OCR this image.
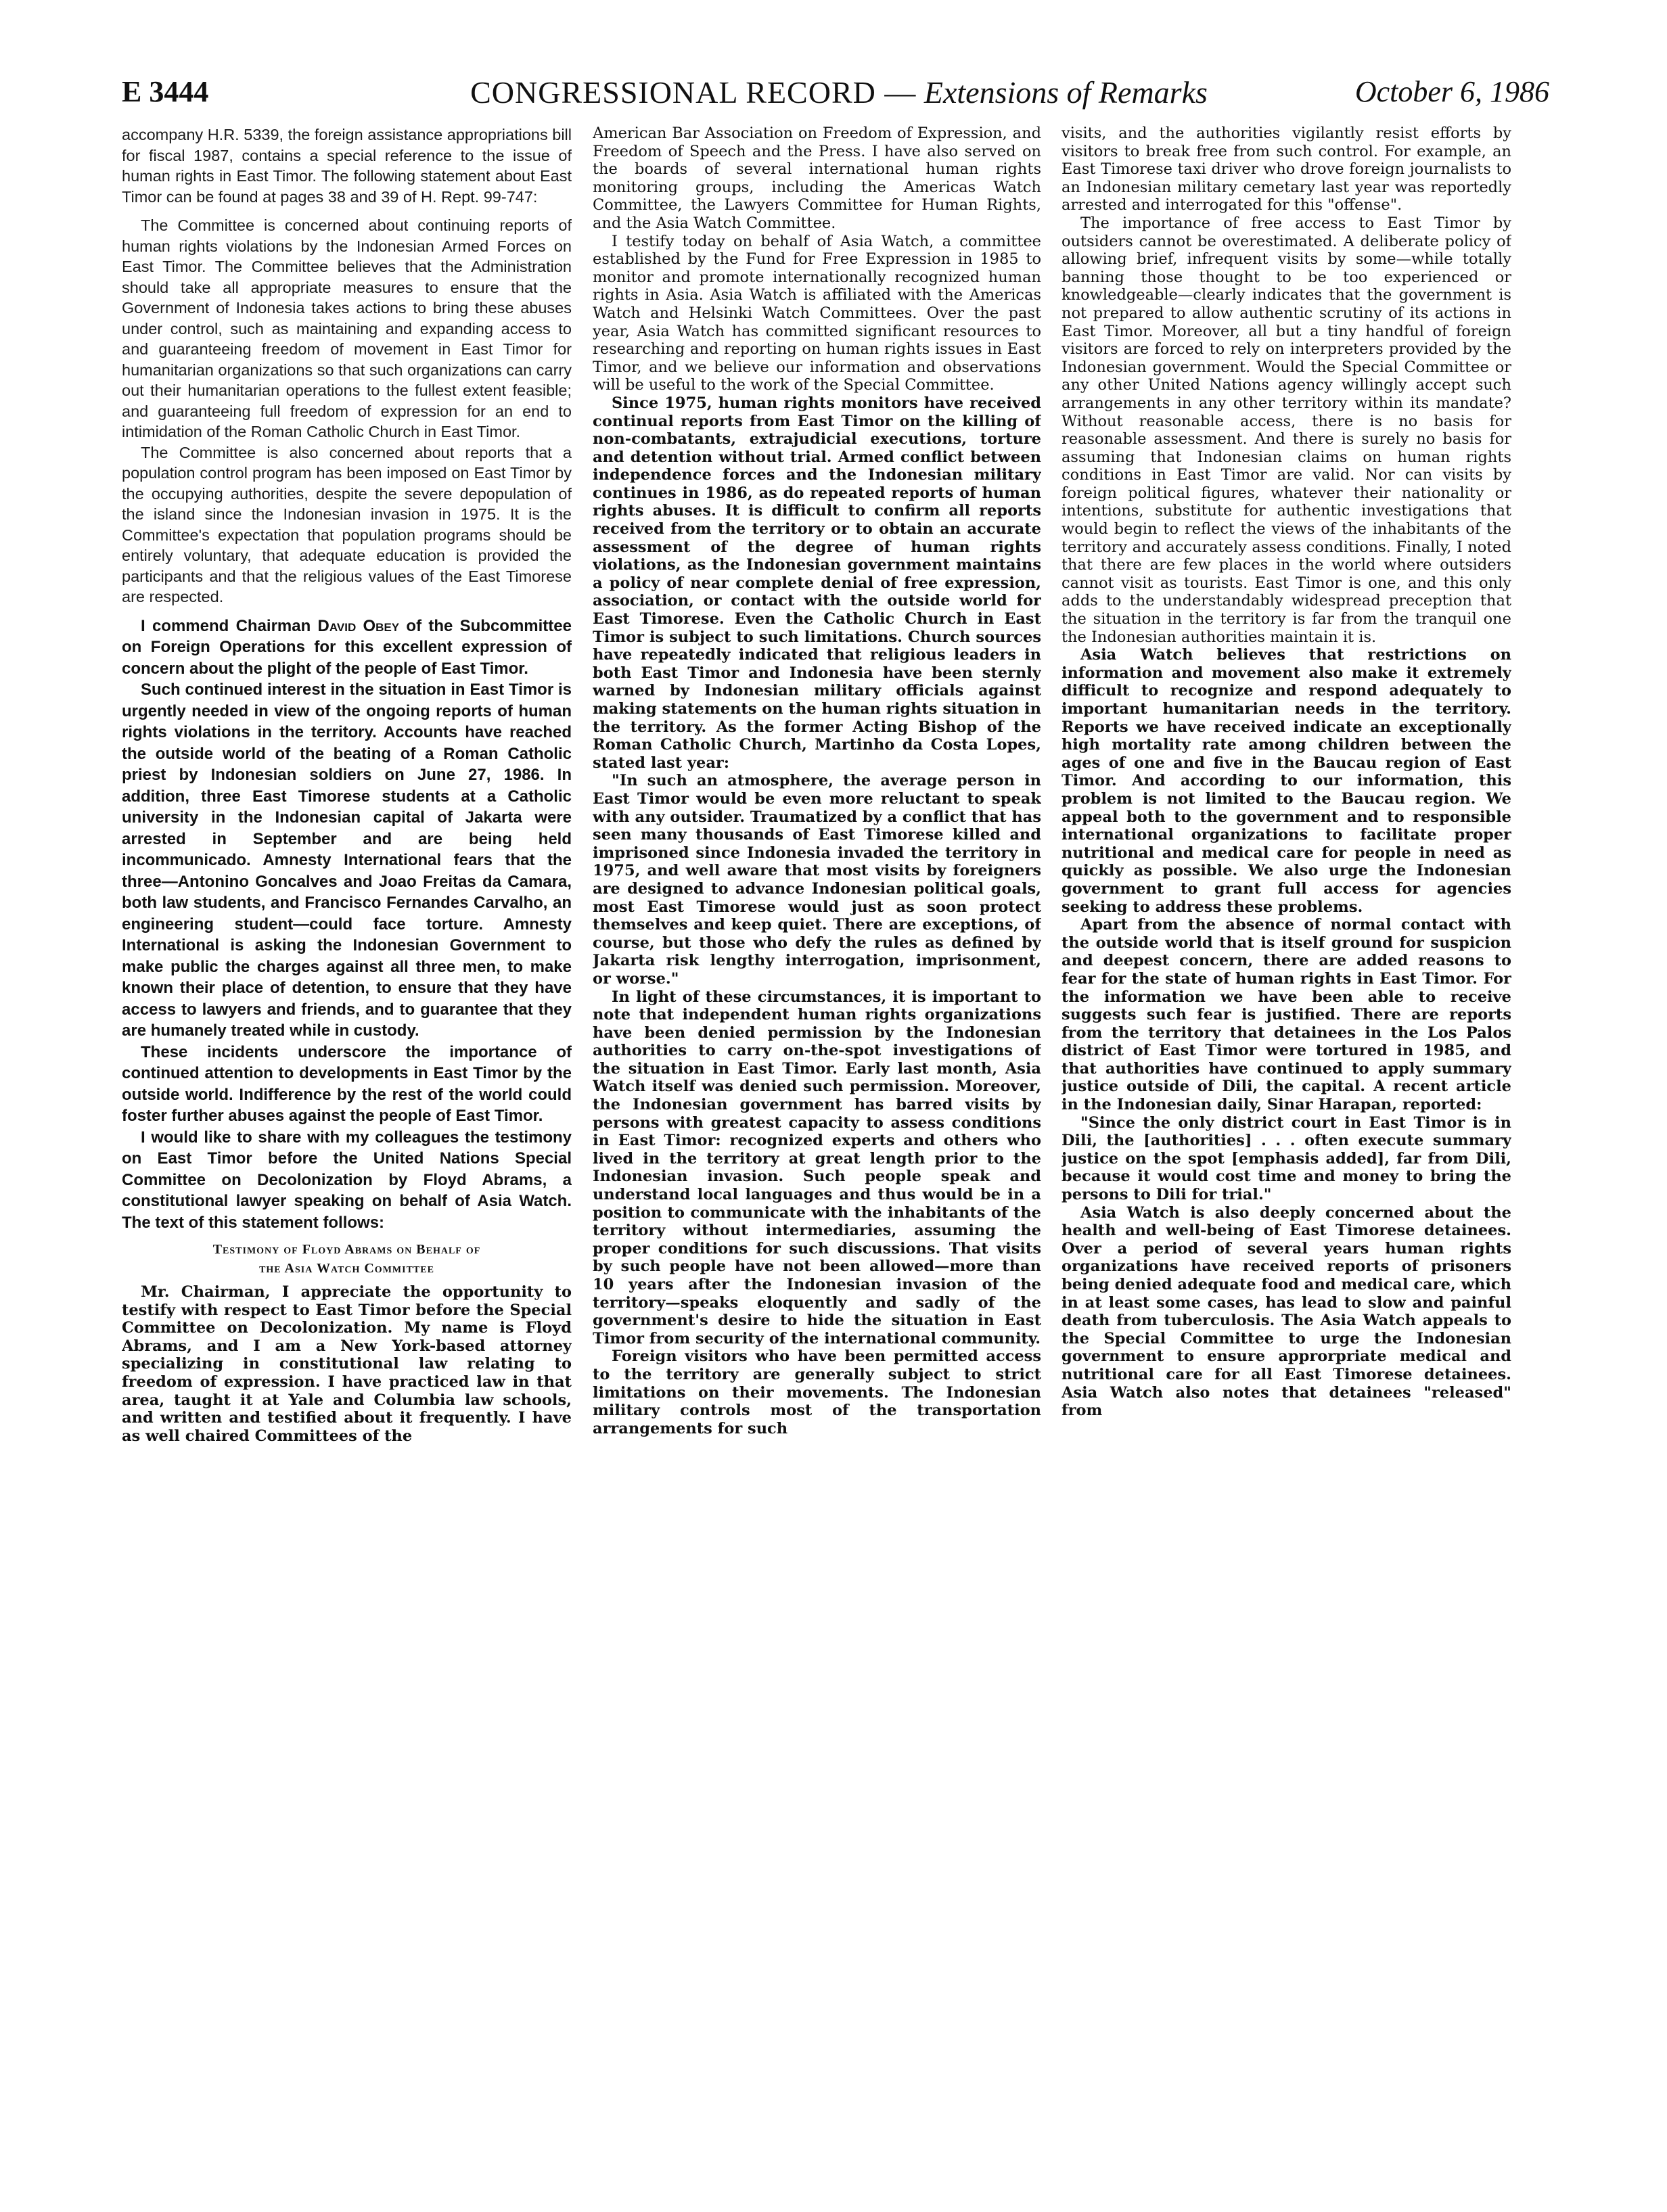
E 3444	CONGRESSIONAL RECORD — Extensions of Remarks	October 6, 1986

accompany H.R. 5339, the foreign assistance appropriations bill for fiscal 1987, contains a special reference to the issue of human rights in East Timor. The following statement about East Timor can be found at pages 38 and 39 of H. Rept. 99-747:

The Committee is concerned about continuing reports of human rights violations by the Indonesian Armed Forces on East Timor. The Committee believes that the Administration should take all appropriate measures to ensure that the Government of Indonesia takes actions to bring these abuses under control, such as maintaining and expanding access to and guaranteeing freedom of movement in East Timor for humanitarian organizations so that such organizations can carry out their humanitarian operations to the fullest extent feasible; and guaranteeing full freedom of expression for an end to intimidation of the Roman Catholic Church in East Timor.

The Committee is also concerned about reports that a population control program has been imposed on East Timor by the occupying authorities, despite the severe depopulation of the island since the Indonesian invasion in 1975. It is the Committee's expectation that population programs should be entirely voluntary, that adequate education is provided the participants and that the religious values of the East Timorese are respected.

I commend Chairman David Obey of the Subcommittee on Foreign Operations for this excellent expression of concern about the plight of the people of East Timor.

Such continued interest in the situation in East Timor is urgently needed in view of the ongoing reports of human rights violations in the territory. Accounts have reached the outside world of the beating of a Roman Catholic priest by Indonesian soldiers on June 27, 1986. In addition, three East Timorese students at a Catholic university in the Indonesian capital of Jakarta were arrested in September and are being held incommunicado. Amnesty International fears that the three—Antonino Goncalves and Joao Freitas da Camara, both law students, and Francisco Fernandes Carvalho, an engineering student—could face torture. Amnesty International is asking the Indonesian Government to make public the charges against all three men, to make known their place of detention, to ensure that they have access to lawyers and friends, and to guarantee that they are humanely treated while in custody.

These incidents underscore the importance of continued attention to developments in East Timor by the outside world. Indifference by the rest of the world could foster further abuses against the people of East Timor.

I would like to share with my colleagues the testimony on East Timor before the United Nations Special Committee on Decolonization by Floyd Abrams, a constitutional lawyer speaking on behalf of Asia Watch. The text of this statement follows:

Testimony of Floyd Abrams on Behalf of
the Asia Watch Committee

Mr. Chairman, I appreciate the opportunity to testify with respect to East Timor before the Special Committee on Decolonization. My name is Floyd Abrams, and I am a New York-based attorney specializing in constitutional law relating to freedom of expression. I have practiced law in that area, taught it at Yale and Columbia law schools, and written and testified about it frequently. I have as well chaired Committees of the

American Bar Association on Freedom of Expression, and Freedom of Speech and the Press. I have also served on the boards of several international human rights monitoring groups, including the Americas Watch Committee, the Lawyers Committee for Human Rights, and the Asia Watch Committee.

I testify today on behalf of Asia Watch, a committee established by the Fund for Free Expression in 1985 to monitor and promote internationally recognized human rights in Asia. Asia Watch is affiliated with the Americas Watch and Helsinki Watch Committees. Over the past year, Asia Watch has committed significant resources to researching and reporting on human rights issues in East Timor, and we believe our information and observations will be useful to the work of the Special Committee.

Since 1975, human rights monitors have received continual reports from East Timor on the killing of non-combatants, extrajudicial executions, torture and detention without trial. Armed conflict between independence forces and the Indonesian military continues in 1986, as do repeated reports of human rights abuses. It is difficult to confirm all reports received from the territory or to obtain an accurate assessment of the degree of human rights violations, as the Indonesian government maintains a policy of near complete denial of free expression, association, or contact with the outside world for East Timorese. Even the Catholic Church in East Timor is subject to such limitations. Church sources have repeatedly indicated that religious leaders in both East Timor and Indonesia have been sternly warned by Indonesian military officials against making statements on the human rights situation in the territory. As the former Acting Bishop of the Roman Catholic Church, Martinho da Costa Lopes, stated last year:

"In such an atmosphere, the average person in East Timor would be even more reluctant to speak with any outsider. Traumatized by a conflict that has seen many thousands of East Timorese killed and imprisoned since Indonesia invaded the territory in 1975, and well aware that most visits by foreigners are designed to advance Indonesian political goals, most East Timorese would just as soon protect themselves and keep quiet. There are exceptions, of course, but those who defy the rules as defined by Jakarta risk lengthy interrogation, imprisonment, or worse."

In light of these circumstances, it is important to note that independent human rights organizations have been denied permission by the Indonesian authorities to carry on-the-spot investigations of the situation in East Timor. Early last month, Asia Watch itself was denied such permission. Moreover, the Indonesian government has barred visits by persons with greatest capacity to assess conditions in East Timor: recognized experts and others who lived in the territory at great length prior to the Indonesian invasion. Such people speak and understand local languages and thus would be in a position to communicate with the inhabitants of the territory without intermediaries, assuming the proper conditions for such discussions. That visits by such people have not been allowed—more than 10 years after the Indonesian invasion of the territory—speaks eloquently and sadly of the government's desire to hide the situation in East Timor from security of the international community.

Foreign visitors who have been permitted access to the territory are generally subject to strict limitations on their movements. The Indonesian military controls most of the transportation arrangements for such

visits, and the authorities vigilantly resist efforts by visitors to break free from such control. For example, an East Timorese taxi driver who drove foreign journalists to an Indonesian military cemetary last year was reportedly arrested and interrogated for this "offense".

The importance of free access to East Timor by outsiders cannot be overestimated. A deliberate policy of allowing brief, infrequent visits by some—while totally banning those thought to be too experienced or knowledgeable—clearly indicates that the government is not prepared to allow authentic scrutiny of its actions in East Timor. Moreover, all but a tiny handful of foreign visitors are forced to rely on interpreters provided by the Indonesian government. Would the Special Committee or any other United Nations agency willingly accept such arrangements in any other territory within its mandate? Without reasonable access, there is no basis for reasonable assessment. And there is surely no basis for assuming that Indonesian claims on human rights conditions in East Timor are valid. Nor can visits by foreign political figures, whatever their nationality or intentions, substitute for authentic investigations that would begin to reflect the views of the inhabitants of the territory and accurately assess conditions. Finally, I noted that there are few places in the world where outsiders cannot visit as tourists. East Timor is one, and this only adds to the understandably widespread preception that the situation in the territory is far from the tranquil one the Indonesian authorities maintain it is.

Asia Watch believes that restrictions on information and movement also make it extremely difficult to recognize and respond adequately to important humanitarian needs in the territory. Reports we have received indicate an exceptionally high mortality rate among children between the ages of one and five in the Baucau region of East Timor. And according to our information, this problem is not limited to the Baucau region. We appeal both to the government and to responsible international organizations to facilitate proper nutritional and medical care for people in need as quickly as possible. We also urge the Indonesian government to grant full access for agencies seeking to address these problems.

Apart from the absence of normal contact with the outside world that is itself ground for suspicion and deepest concern, there are added reasons to fear for the state of human rights in East Timor. For the information we have been able to receive suggests such fear is justified. There are reports from the territory that detainees in the Los Palos district of East Timor were tortured in 1985, and that authorities have continued to apply summary justice outside of Dili, the capital. A recent article in the Indonesian daily, Sinar Harapan, reported:

"Since the only district court in East Timor is in Dili, the [authorities] . . . often execute summary justice on the spot [emphasis added], far from Dili, because it would cost time and money to bring the persons to Dili for trial."

Asia Watch is also deeply concerned about the health and well-being of East Timorese detainees. Over a period of several years human rights organizations have received reports of prisoners being denied adequate food and medical care, which in at least some cases, has lead to slow and painful death from tuberculosis. The Asia Watch appeals to the Special Committee to urge the Indonesian government to ensure approrpriate medical and nutritional care for all East Timorese detainees. Asia Watch also notes that detainees "released" from
